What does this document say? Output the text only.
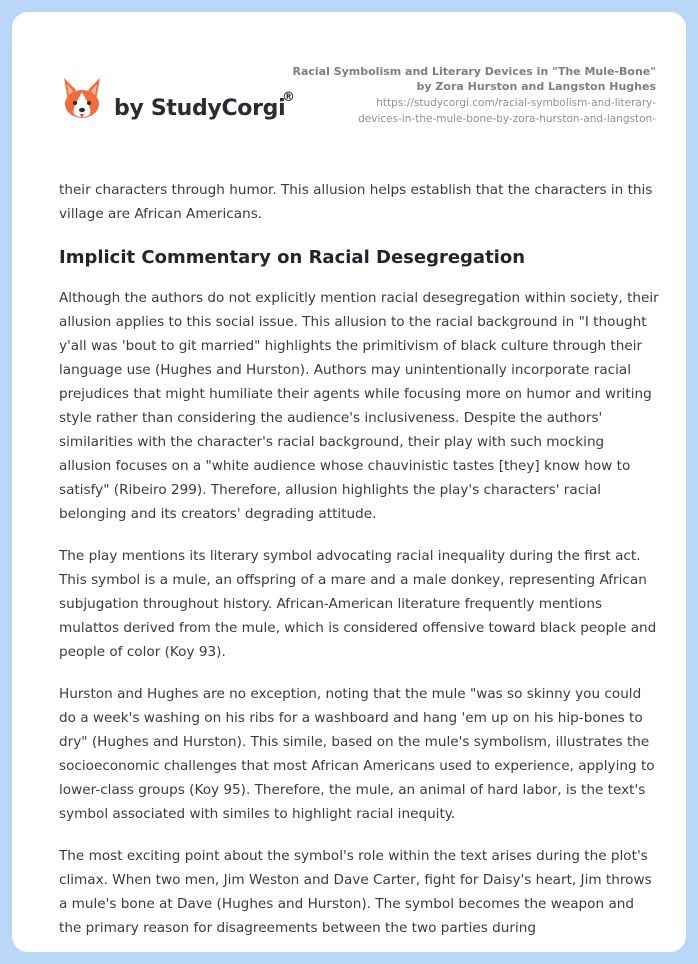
by StudyCorgi
®
Racial Symbolism and Literary Devices in "The Mule-Bone"
by Zora Hurston and Langston Hughes
https://studycorgi.com/racial-symbolism-and-literary-
devices-in-the-mule-bone-by-zora-hurston-and-langston-

their characters through humor. This allusion helps establish that the characters in this village are African Americans.

Implicit Commentary on Racial Desegregation

Although the authors do not explicitly mention racial desegregation within society, their allusion applies to this social issue. This allusion to the racial background in "I thought y'all was 'bout to git married" highlights the primitivism of black culture through their language use (Hughes and Hurston). Authors may unintentionally incorporate racial prejudices that might humiliate their agents while focusing more on humor and writing style rather than considering the audience's inclusiveness. Despite the authors' similarities with the character's racial background, their play with such mocking allusion focuses on a "white audience whose chauvinistic tastes [they] know how to satisfy" (Ribeiro 299). Therefore, allusion highlights the play's characters' racial belonging and its creators' degrading attitude.

The play mentions its literary symbol advocating racial inequality during the first act. This symbol is a mule, an offspring of a mare and a male donkey, representing African subjugation throughout history. African-American literature frequently mentions mulattos derived from the mule, which is considered offensive toward black people and people of color (Koy 93).

Hurston and Hughes are no exception, noting that the mule "was so skinny you could do a week's washing on his ribs for a washboard and hang 'em up on his hip-bones to dry" (Hughes and Hurston). This simile, based on the mule's symbolism, illustrates the socioeconomic challenges that most African Americans used to experience, applying to lower-class groups (Koy 95). Therefore, the mule, an animal of hard labor, is the text's symbol associated with similes to highlight racial inequity.

The most exciting point about the symbol's role within the text arises during the plot's climax. When two men, Jim Weston and Dave Carter, fight for Daisy's heart, Jim throws a mule's bone at Dave (Hughes and Hurston). The symbol becomes the weapon and the primary reason for disagreements between the two parties during
